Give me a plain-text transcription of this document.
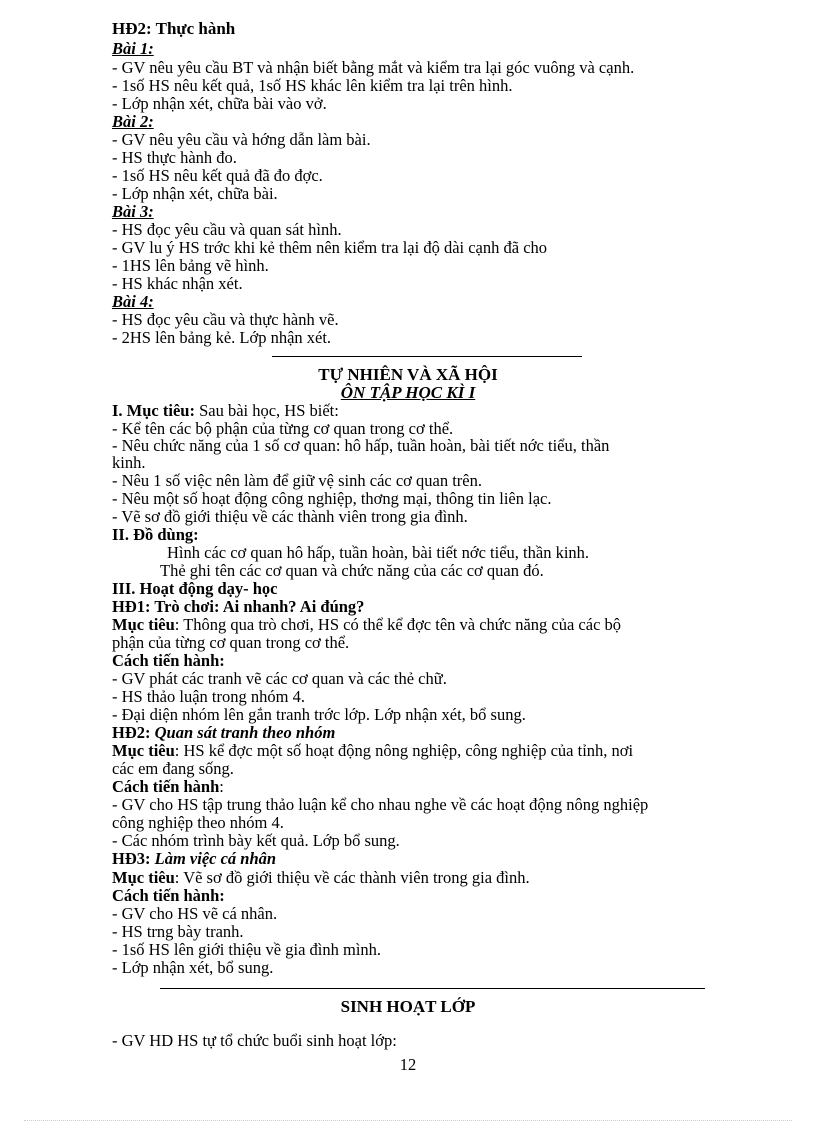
HĐ2: Thực hành
Bài 1:
- GV nêu yêu cầu BT và nhận biết bằng mắt và kiểm tra lại góc vuông và cạnh.
- 1số HS nêu kết quả, 1số HS khác lên kiểm tra lại trên hình.
- Lớp nhận xét, chữa bài vào vở.
Bài 2:
- GV nêu yêu cầu và hớng dẫn làm bài.
- HS thực hành đo.
- 1số HS nêu kết quả đã đo đợc.
- Lớp nhận xét, chữa bài.
Bài 3:
- HS đọc yêu cầu và quan sát hình.
- GV lu ý HS trớc khi kẻ thêm nên kiểm tra lại độ dài cạnh đã cho
- 1HS lên bảng vẽ hình.
- HS khác nhận xét.
Bài 4:
- HS đọc yêu cầu và thực hành vẽ.
- 2HS lên bảng kẻ. Lớp nhận xét.
TỰ NHIÊN VÀ XÃ HỘI
ÔN TẬP HỌC KÌ I
I. Mục tiêu: Sau bài học, HS biết:
- Kể tên các bộ phận của từng cơ quan trong cơ thể.
- Nêu chức năng của 1 số cơ quan: hô hấp, tuần hoàn, bài tiết nớc tiểu, thần
kinh.
- Nêu 1 số việc nên làm để giữ vệ sinh các cơ quan trên.
- Nêu một số hoạt động công nghiệp, thơng mại, thông tin liên lạc.
- Vẽ sơ đồ giới thiệu về các thành viên trong gia đình.
II. Đồ dùng:
Hình các cơ quan hô hấp, tuần hoàn, bài tiết nớc tiểu, thần kinh.
Thẻ ghi tên các cơ quan và chức năng của các cơ quan đó.
III. Hoạt động dạy- học
HĐ1: Trò chơi: Ai nhanh? Ai đúng?
Mục tiêu: Thông qua trò chơi, HS có thể kể đợc tên và chức năng của các bộ
phận của từng cơ quan trong cơ thể.
Cách tiến hành:
- GV phát các tranh vẽ các cơ quan và các thẻ chữ.
- HS thảo luận trong nhóm 4.
- Đại diện nhóm lên gắn tranh trớc lớp. Lớp nhận xét, bổ sung.
HĐ2: Quan sát tranh theo nhóm
Mục tiêu: HS kể đợc một số hoạt động nông nghiệp, công nghiệp của tỉnh, nơi
các em đang sống.
Cách tiến hành:
- GV cho HS tập trung thảo luận kể cho nhau nghe về các hoạt động nông nghiệp
công nghiệp theo nhóm 4.
- Các nhóm trình bày kết quả. Lớp bổ sung.
HĐ3: Làm việc cá nhân
Mục tiêu: Vẽ sơ đồ giới thiệu về các thành viên trong gia đình.
Cách tiến hành:
- GV cho HS vẽ cá nhân.
- HS trng bày tranh.
- 1số HS lên giới thiệu về gia đình mình.
- Lớp nhận xét, bổ sung.
SINH HOẠT LỚP
- GV HD HS tự tổ chức buổi sinh hoạt lớp:
12
